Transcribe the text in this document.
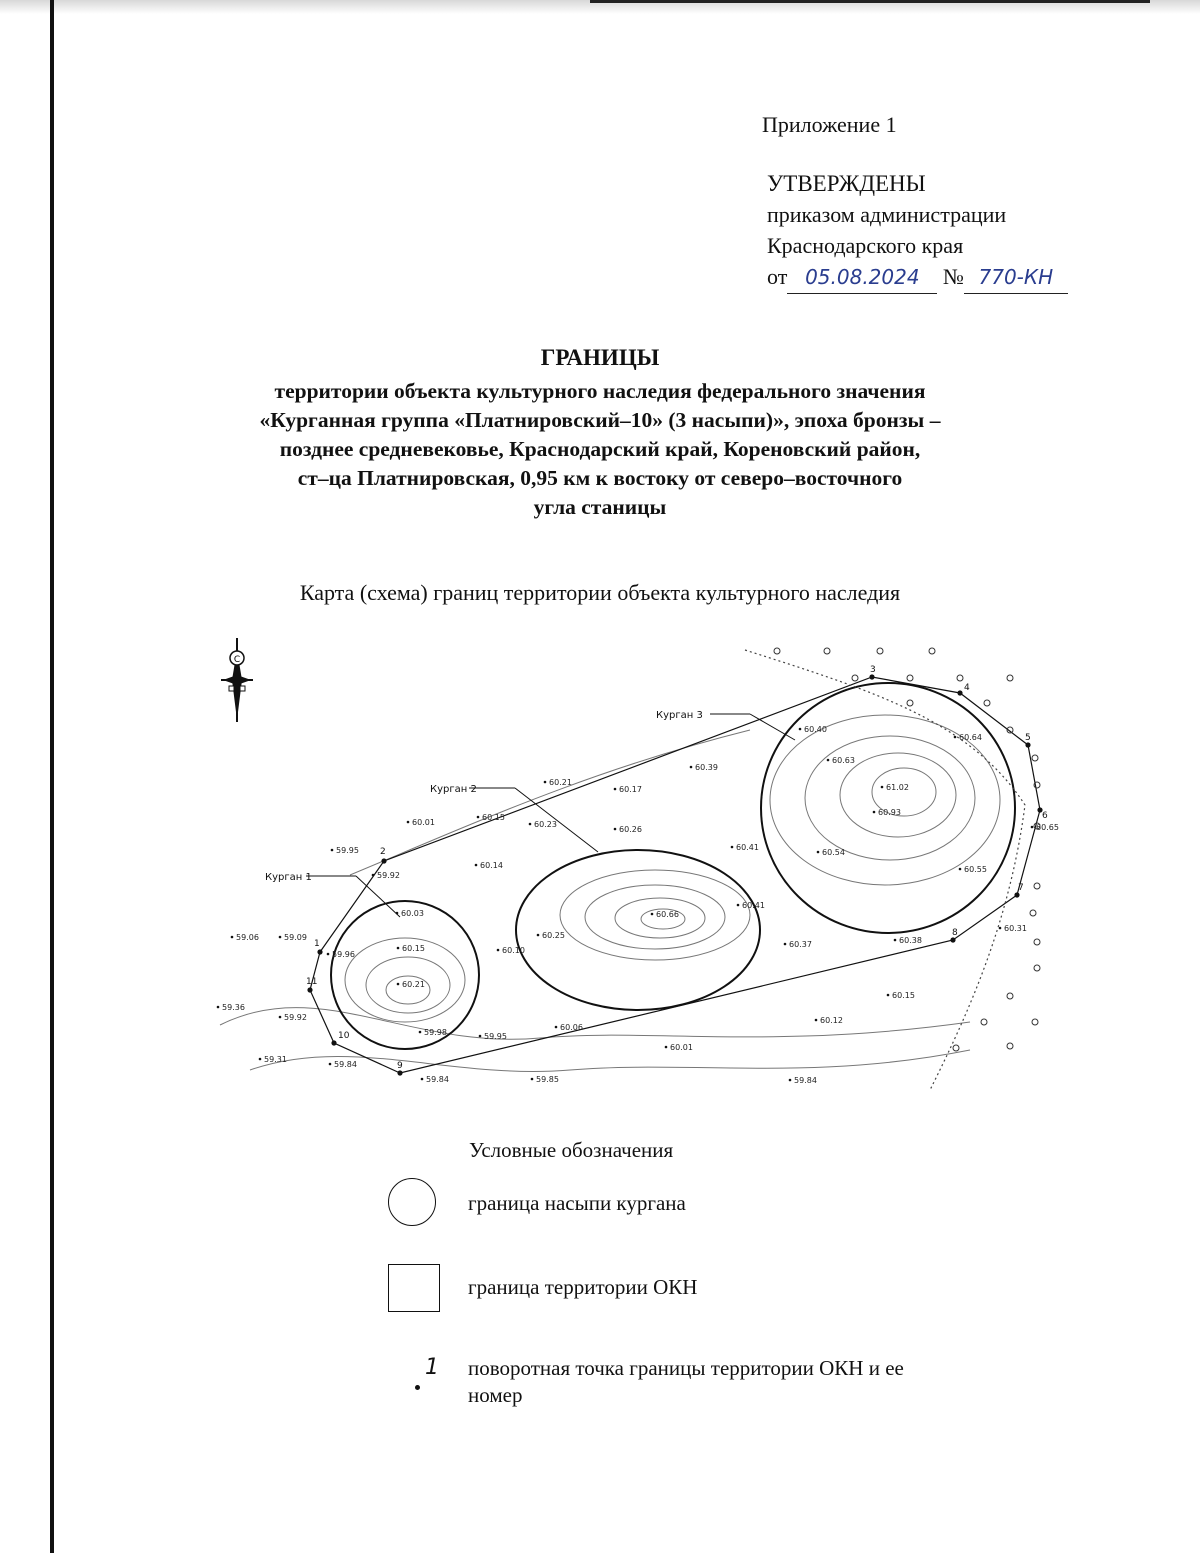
Приложение 1
УТВЕРЖДЕНЫ
приказом администрации
Краснодарского края
от 05.08.2024 № 770-КН
ГРАНИЦЫ
территории объекта культурного наследия федерального значения
«Курганная группа «Платнировский–10» (3 насыпи)», эпоха бронзы –
позднее средневековье, Краснодарский край, Кореновский район,
ст–ца Платнировская, 0,95 км к востоку от северо–восточного
угла станицы
Карта (схема) границ территории объекта культурного наследия
С
1
2
3
4
5
6
7
8
9
10
11
60.21
60.17
60.39
60.40
60.64
60.63
61.02
60.93
60.65
60.55
60.54
60.41
60.26
60.23
60.15
60.01
59.95
59.92
60.14
60.03
59.06	59.09
59.96
60.15
60.21
59.36
59.92
59.98	59.95
60.06
60.10
60.25
60.66
60.41
60.37	60.38
60.31
60.15
60.12
60.01
59.31
59.84
59.84	59.85	59.84
Курган 1
Курган 2
Курган 3
Условные обозначения
граница насыпи кургана
граница территории ОКН
1 поворотная точка границы территории ОКН и ее номер
